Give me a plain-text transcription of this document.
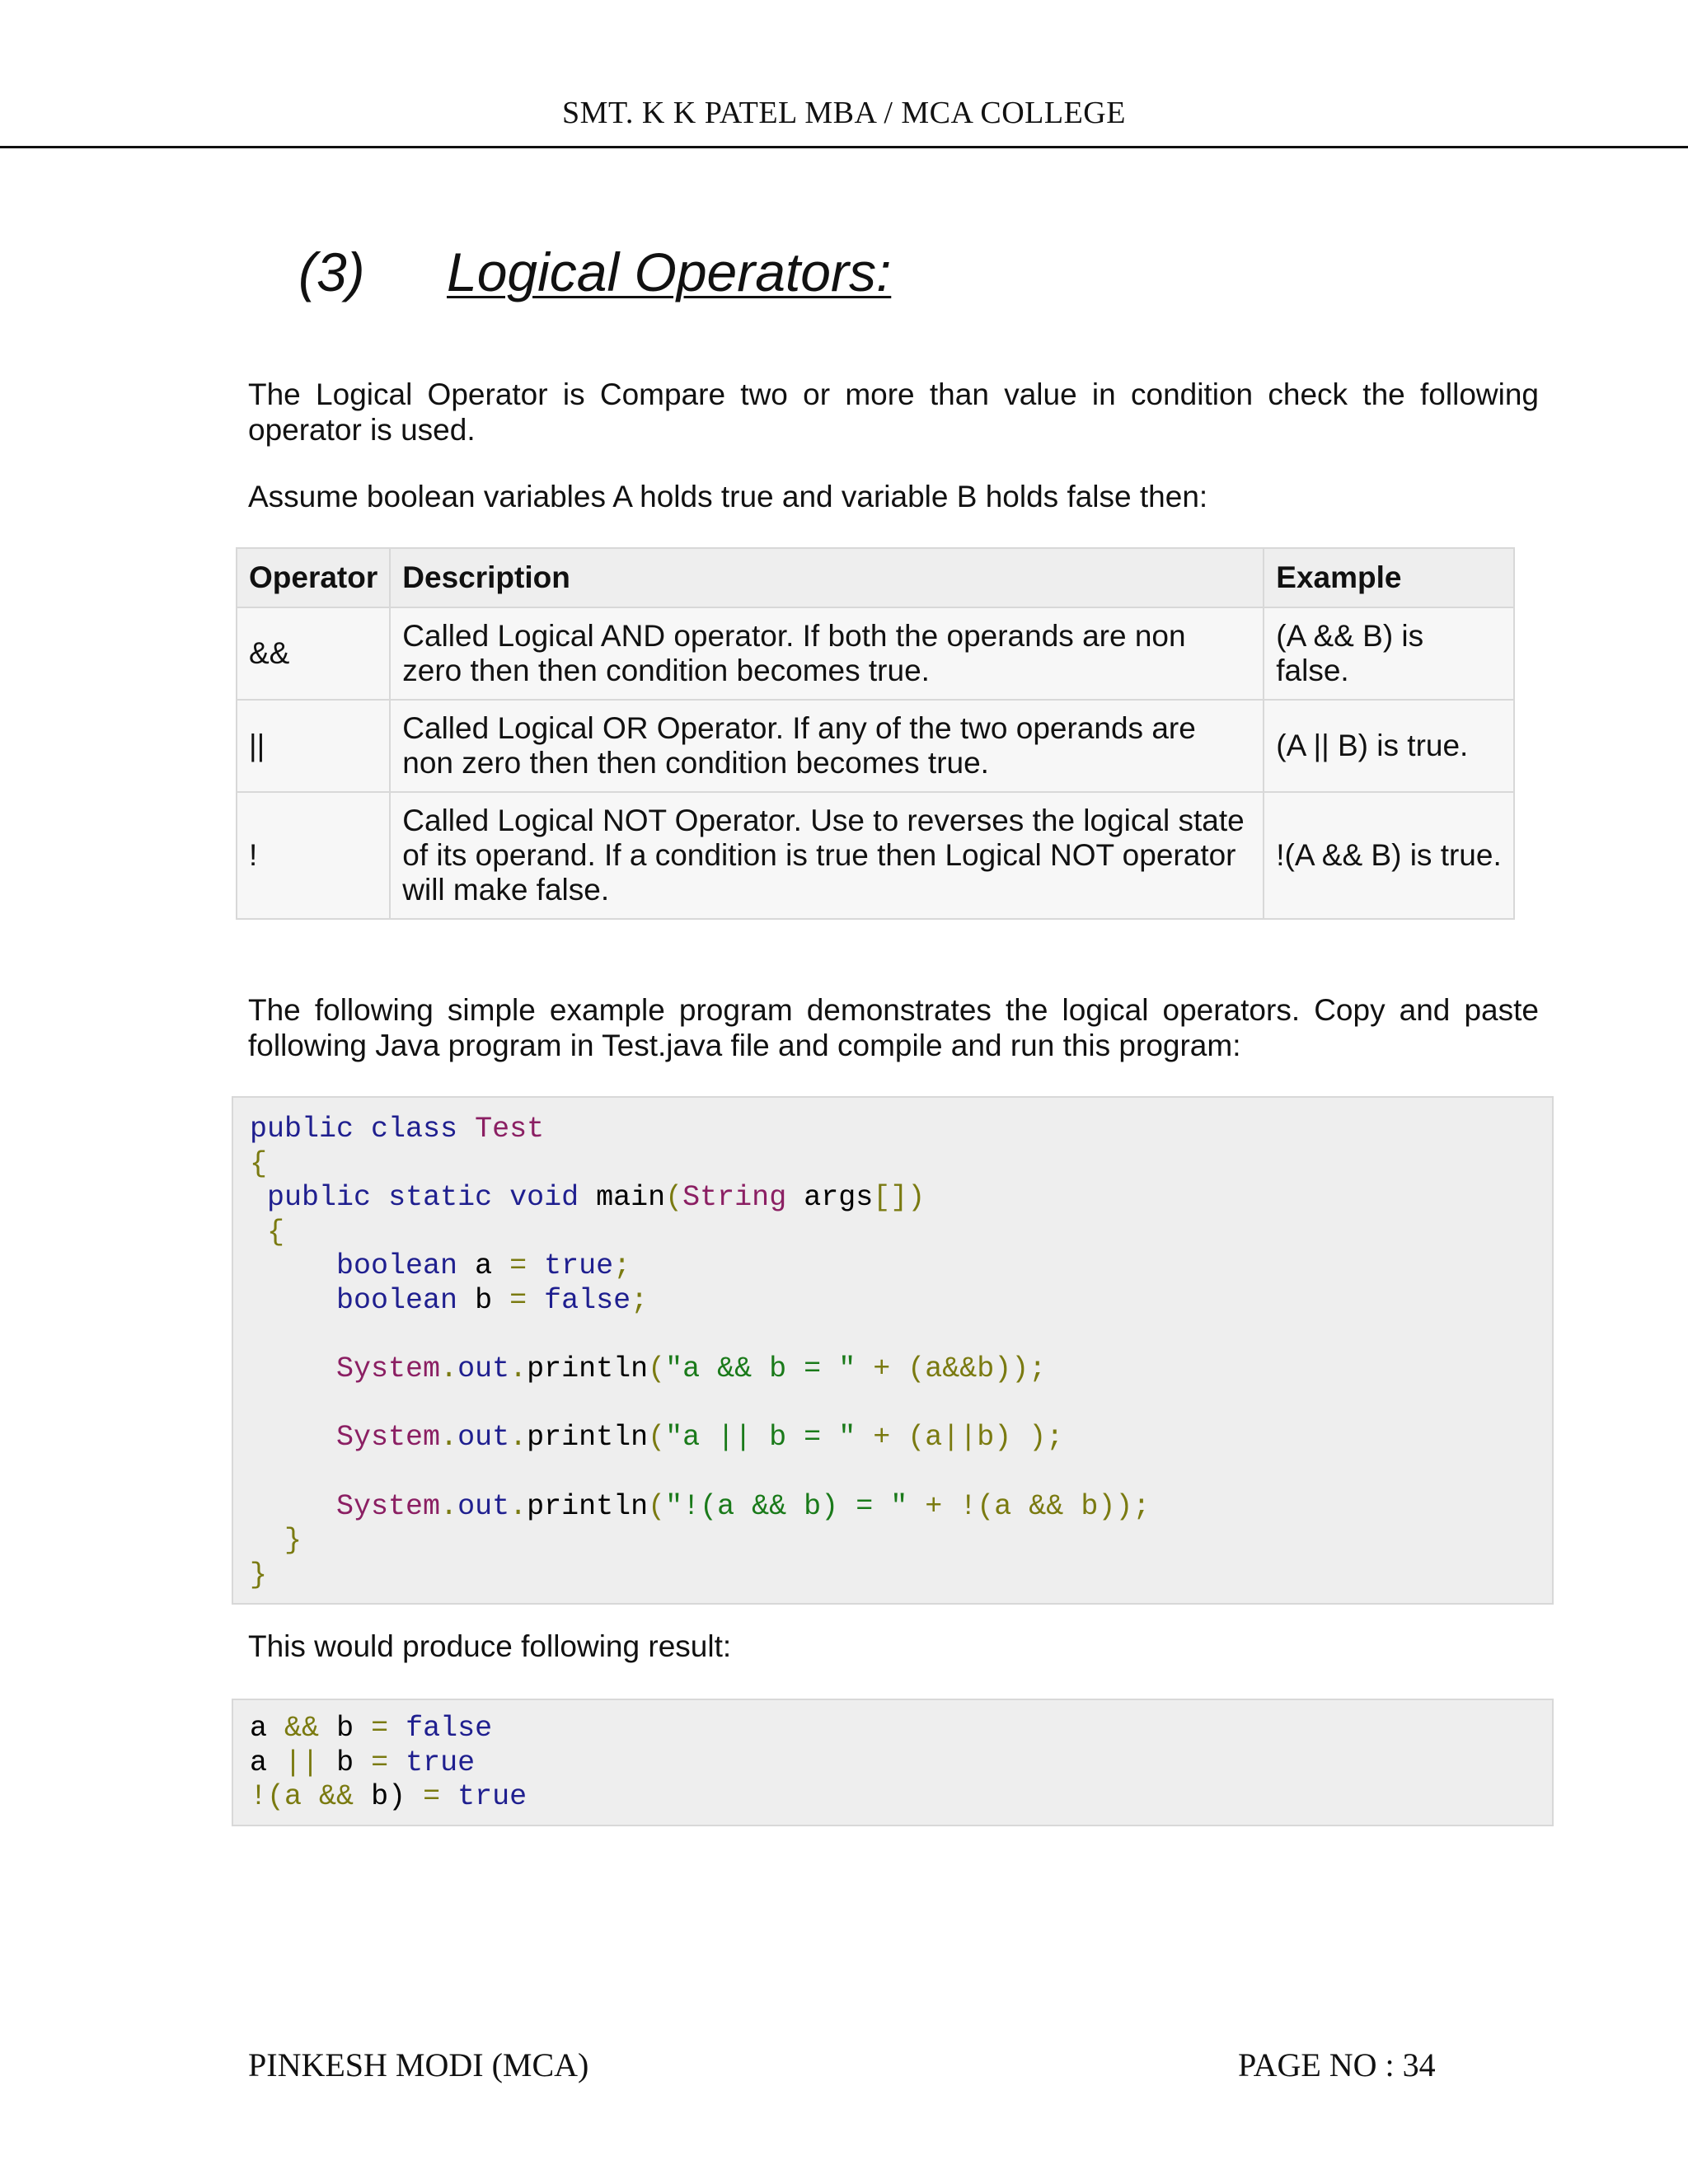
SMT. K K PATEL MBA / MCA COLLEGE
(3) Logical Operators:
The Logical Operator is Compare two or more than value in condition check the following operator is used.
Assume boolean variables A holds true and variable B holds false then:
Operator	Description	Example
&&	Called Logical AND operator. If both the operands are non zero then then condition becomes true.	(A && B) is false.
||	Called Logical OR Operator. If any of the two operands are non zero then then condition becomes true.	(A || B) is true.
!	Called Logical NOT Operator. Use to reverses the logical state of its operand. If a condition is true then Logical NOT operator will make false.	!(A && B) is true.
The following simple example program demonstrates the logical operators. Copy and paste following Java program in Test.java file and compile and run this program:
public class Test
{
public static void main(String args[])
{
boolean a = true;
boolean b = false;
System.out.println("a && b = " + (a&&b));
System.out.println("a || b = " + (a||b) );
System.out.println("!(a && b) = " + !(a && b));
}
}
This would produce following result:
a && b = false
a || b = true
!(a && b) = true
PINKESH MODI (MCA)	PAGE NO : 34
